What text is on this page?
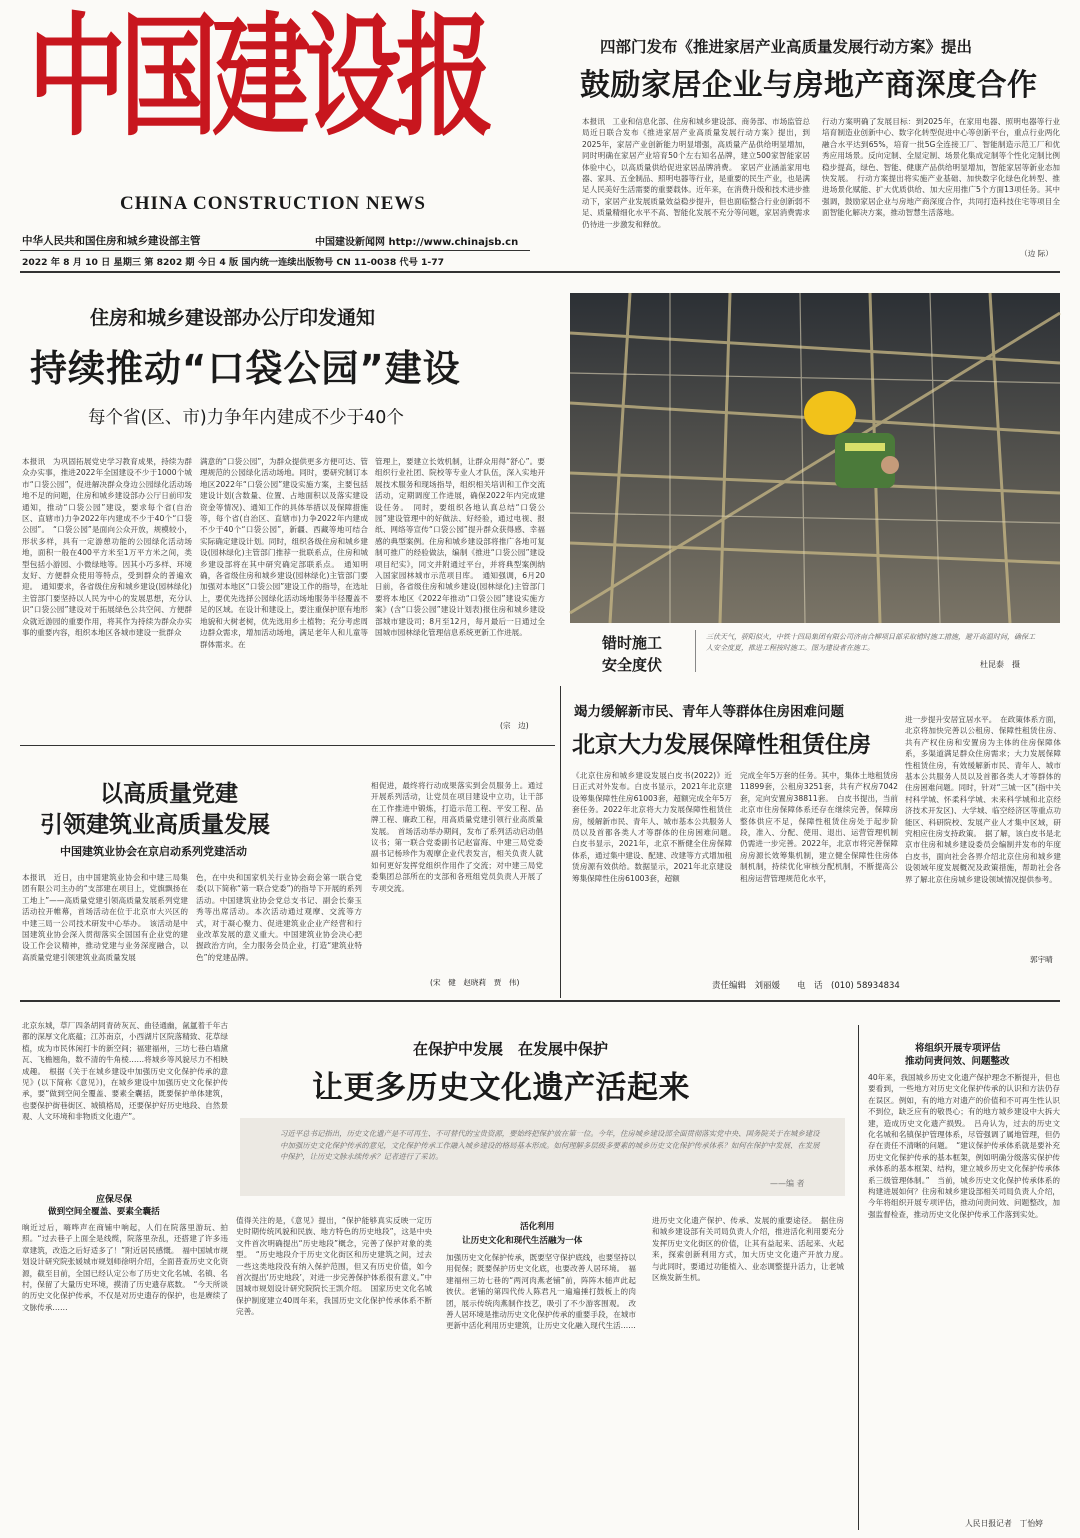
中国建设报
CHINA CONSTRUCTION NEWS
中华人民共和国住房和城乡建设部主管	中国建设新闻网 http://www.chinajsb.cn
2022 年 8 月 10 日 星期三 第 8202 期 今日 4 版 国内统一连续出版物号 CN 11-0038 代号 1-77
四部门发布《推进家居产业高质量发展行动方案》提出
鼓励家居企业与房地产商深度合作
本报讯　工业和信息化部、住房和城乡建设部、商务部、市场监管总局近日联合发布《推进家居产业高质量发展行动方案》提出，到2025年，家居产业创新能力明显增强，高质量产品供给明显增加，同时明确在家居产业培育50个左右知名品牌，建立500家智能家居体验中心，以高质量供给促进家居品牌消费。　家居产业涵盖家用电器、家具、五金制品、照明电器等行业，是重要的民生产业，也是满足人民美好生活需要的重要载体。近年来，在消费升级和技术进步推动下，家居产业发展质量效益稳步提升，但也面临整合行业创新弱不足、质量精细化水平不高、智能化发展不充分等问题，家居消费需求仍待进一步激发和释放。
行动方案明确了发展目标：到2025年，在家用电器、照明电器等行业培育制造业创新中心、数字化转型促进中心等创新平台，重点行业两化融合水平达到65%，培育一批5G全连接工厂、智能制造示范工厂和优秀应用场景。反向定制、全屋定制、场景化集成定制等个性化定制比例稳步提高，绿色、智能、健康产品供给明显增加，智能家居等新业态加快发展。　行动方案提出将实施产业基础、加快数字化绿色化转型、推进场景化赋能、扩大优质供给、加大应用推广5个方面13项任务。其中强调，鼓励家居企业与房地产商深度合作，共同打造科技住宅等项目全面智能化解决方案，推动智慧生活落地。
（边 际）
住房和城乡建设部办公厅印发通知
持续推动“口袋公园”建设
每个省(区、市)力争年内建成不少于40个
本报讯　为巩固拓展党史学习教育成果，持续为群众办实事，推进2022年全国建设不少于1000个城市“口袋公园”，促进解决群众身边公园绿化活动场地不足的问题，住房和城乡建设部办公厅日前印发通知，推动“口袋公园”建设，要求每个省(自治区、直辖市)力争2022年内建成不少于40个“口袋公园”。　“口袋公园”是面向公众开放，规模较小，形状多样，具有一定游憩功能的公园绿化活动场地，面积一般在400平方米至1万平方米之间，类型包括小游园、小微绿地等。因其小巧多样、环境友好、方便群众使用等特点，受到群众的普遍欢迎。　通知要求，各省级住房和城乡建设(园林绿化)主管部门要坚持以人民为中心的发展思想，充分认识“口袋公园”建设对于拓展绿色公共空间、方便群众就近游园的重要作用，将其作为持续为群众办实事的重要内容，组织本地区各城市建设一批群众
满意的“口袋公园”，为群众提供更多方便可达、管理规范的公园绿化活动场地。同时，要研究制订本地区2022年“口袋公园”建设实施方案，主要包括建设计划(含数量、位置、占地面积以及落实建设资金等情况)、通知工作的具体举措以及保障措施等，每个省(自治区、直辖市)力争2022年内建成不少于40个“口袋公园”，新疆、西藏等地可结合实际确定建设计划。同时，组织各级住房和城乡建设(园林绿化)主管部门推荐一批联系点，住房和城乡建设部将在其中研究确定部联系点。　通知明确，各省级住房和城乡建设(园林绿化)主管部门要加强对本地区“口袋公园”建设工作的指导，在选址上，要优先选择公园绿化活动场地服务半径覆盖不足的区域。在设计和建设上，要注重保护原有地形地貌和大树老树，优先选用乡土植物；充分考虑周边群众需求，增加活动场地，满足老年人和儿童等群体需求。在
管理上，要建立长效机制，让群众用得“舒心”。要组织行业社团、院校等专业人才队伍，深入实地开展技术服务和现场指导，组织相关培训和工作交流活动，定期调度工作进展，确保2022年内完成建设任务。　同时，要组织各地认真总结“口袋公园”建设管理中的好做法、好经验，通过电视、报纸、网络等宣传“口袋公园”提升群众获得感、幸福感的典型案例。住房和城乡建设部将推广各地可复制可推广的经验做法，编制《推进“口袋公园”建设项目纪实》，同文并附通过平台，并将典型案例纳入国家园林城市示范项目库。　通知强调，6月20日前，各省级住房和城乡建设(园林绿化)主管部门要将本地区《2022年推动“口袋公园”建设实施方案》(含“口袋公园”建设计划表)报住房和城乡建设部城市建设司；8月至12月，每月最后一日通过全国城市园林绿化管理信息系统更新工作进展。
(宗　边)
错时施工
安全度伏
三伏天气，骄阳似火，中铁十四局集团有限公司济南合柳项目部采取错时施工措施，避开高温时间，确保工人安全度夏，推进工程按时施工。图为建设者在施工。
杜昆泰　摄
以高质量党建
引领建筑业高质量发展
中国建筑业协会在京启动系列党建活动
本报讯　近日，由中国建筑业协会和中建三局集团有限公司主办的“支部建在项目上，党旗飘扬在工地上”——高质量党建引领高质量发展系列党建活动拉开帷幕，首场活动在位于北京市大兴区的中建三局一公司技术研发中心举办。　该活动是中国建筑业协会深入贯彻落实全国国有企业党的建设工作会议精神，推动党建与业务深度融合，以高质量党建引领建筑业高质量发展
色，在中央和国家机关行业协会商会第一联合党委(以下简称“第一联合党委”)的指导下开展的系列活动。中国建筑业协会党总支书记、副会长秦玉秀等出席活动。本次活动通过观摩、交流等方式，对于凝心聚力、促进建筑业企业产经营和行业改革发展的意义重大。中国建筑业协会决心把握政治方向，全力服务会员企业，打造“建筑业特色”的党建品牌。
相促进，最终将行动成果落实到会员服务上。通过开展系列活动，让党员在项目建设中立功，让干部在工作推进中锻炼，打造示范工程、平安工程、品牌工程、廉政工程，用高质量党建引领行业高质量发展。　首场活动举办期间，发布了系列活动启动倡议书；第一联合党委副书记赵富海、中建三局党委副书记杨珍作为观摩企业代表发言，相关负责人就如何更好发挥党组织作用作了交流；对中建三局党委集团总部所在的支部和各班组党员负责人开展了专项交流。
(宋　健　赵晓莉　贾　伟)
竭力缓解新市民、青年人等群体住房困难问题
北京大力发展保障性租赁住房
《北京住房和城乡建设发展白皮书(2022)》近日正式对外发布。白皮书显示，2021年北京建设筹集保障性住房61003套，超额完成全年5万套任务。2022年北京将大力发展保障性租赁住房，缓解新市民、青年人、城市基本公共服务人员以及首都各类人才等群体的住房困难问题。　白皮书显示，2021年，北京不断健全住房保障体系，通过集中建设、配建、改建等方式增加租赁房源有效供给。数据显示，2021年北京建设筹集保障性住房61003套，超额
完成全年5万套的任务。其中，集体土地租赁房11899套，公租房3251套，共有产权房7042套，定向安置房38811套。　白皮书提出，当前北京市住房保障体系还存在继续完善，保障房整体供应不足，保障性租赁住房处于起步阶段，准入、分配、使用、退出、运营管理机制仍需进一步完善。2022年，北京市将完善保障房房源长效筹集机制，建立健全保障性住房体制机制，持续优化审核分配机制，不断提高公租房运营管理规范化水平，
进一步提升安居宜居水平。　在政策体系方面，北京将加快完善以公租房、保障性租赁住房、共有产权住房和安置房为主体的住房保障体系，多渠道满足群众住房需求；大力发展保障性租赁住房，有效缓解新市民、青年人、城市基本公共服务人员以及首都各类人才等群体的住房困难问题。同时，针对“三城一区”(指中关村科学城、怀柔科学城、未来科学城和北京经济技术开发区)、大学城、临空经济区等重点功能区、科研院校、发展产业人才集中区域，研究相应住房支持政策。　据了解，该白皮书是北京市住房和城乡建设委员会编制并发布的年度白皮书，面向社会各界介绍北京住房和城乡建设领域年度发展概况及政策措施，帮助社会各界了解北京住房城乡建设领域情况提供参考。
郭宇晴
责任编辑　刘丽媛　　电　话　(010) 58934834
北京东城，草厂四条胡同青砖灰瓦、曲径通幽，氤氲着千年古都的深厚文化底蕴；江苏南京，小西湖片区院落精致、花草绿植，成为市民休闲打卡的新空间；福建福州，三坊七巷白墙黛瓦、飞檐翘角，数不清的牛角棱……将城乡等风貌尽力不相映成趣。　根据《关于在城乡建设中加强历史文化保护传承的意见》(以下简称《意见》)，在城乡建设中加强历史文化保护传承，要“做到空间全覆盖、要素全囊括，既要保护单体建筑，也要保护街巷街区、城镇格局，还要保护好历史地段、自然景观、人文环境和非物质文化遗产”。
应保尽保
做到空间全覆盖、要素全囊括
晌近过后，嗨哗声在商铺中响起，人们在院落里游玩、拍照。“过去巷子上面全是线缆，院落里杂乱，还搭建了许多违章建筑，改造之后好适多了！”附近居民感慨。　福中国城市规划设计研究院张媛城市规划师徐明介绍，全面普查历史文化资源，截至目前，全国已经认定公布了历史文化名城、名镇、名村，保留了大量历史环境，摸清了历史遗存底数。　“今天所谈的历史文化保护传承，不仅是对历史遗存的保护，也是赓续了文脉传承……
在保护中发展　在发展中保护
让更多历史文化遗产活起来
习近平总书记指出，历史文化遗产是不可再生、不可替代的宝贵资源，要始终把保护放在第一位。今年，住房城乡建设部全面贯彻落实党中央、国务院关于在城乡建设中加强历史文化保护传承的意见，文化保护传承工作融入城乡建设的格局基本形成。如何理解多层级多要素的城乡历史文化保护传承体系？如何在保护中发展、在发展中保护，让历史文脉永续传承？记者进行了采访。
——编 者
值得关注的是，《意见》提出，“保护能够真实反映一定历史时期传统风貌和民族、地方特色的历史地段”，这是中央文件首次明确提出“历史地段”概念，完善了保护对象的类型。　“历史地段介于历史文化街区和历史建筑之间，过去一些这类地段没有纳入保护范围，但又有历史价值，如今首次提出‘历史地段’，对进一步完善保护体系很有意义。”中国城市规划设计研究院院长王凯介绍。　国家历史文化名城保护制度建立40周年来，我国历史文化保护传承体系不断完善。
活化利用
让历史文化和现代生活融为一体
加强历史文化保护传承，既要坚守保护底线，也要坚持以用促保；既要保护历史文化底，也要改善人居环境。　福建福州三坊七巷的“两河肉燕老铺”前，阵阵木槌声此起彼伏。老铺的第四代传人陈君凡一遍遍捶打鼓板上的肉团，展示传统肉燕制作技艺，吸引了不少游客围观。　改善人居环境是推动历史文化保护传承的重要手段，在城市更新中活化利用历史建筑，让历史文化融入现代生活……
进历史文化遗产保护、传承、发展的重要途径。　据住房和城乡建设部有关司局负责人介绍，推进活化利用要充分发挥历史文化街区的价值，让其有益起来、活起来、火起来，探索创新利用方式，加大历史文化遗产开放力度。　与此同时，要通过功能植入、业态调整提升活力，让老城区焕发新生机。
将组织开展专项评估
推动问责问效、问题整改
40年来，我国城乡历史文化遗产保护理念不断提升，但也要看到，一些地方对历史文化保护传承的认识和方法仍存在误区。例如，有的地方对遗产的价值和不可再生性认识不到位，缺乏应有的敬畏心；有的地方城乡建设中大拆大建，造成历史文化遗产损毁。　吕舟认为，过去的历史文化名城和名镇保护管理体系，尽管强调了属地管理，但仍存在责任不清晰的问题。　“建议保护传承体系就是要补充历史文化保护传承的基本框架，例如明确分级落实保护传承体系的基本框架、结构，建立城乡历史文化保护传承体系三级管理体制。”　当前，城乡历史文化保护传承体系的构建进展如何？住房和城乡建设部相关司局负责人介绍，今年将组织开展专项评估，推动问责问效、问题整改，加强监督检查，推动历史文化保护传承工作落到实处。
人民日报记者　丁怡婷
